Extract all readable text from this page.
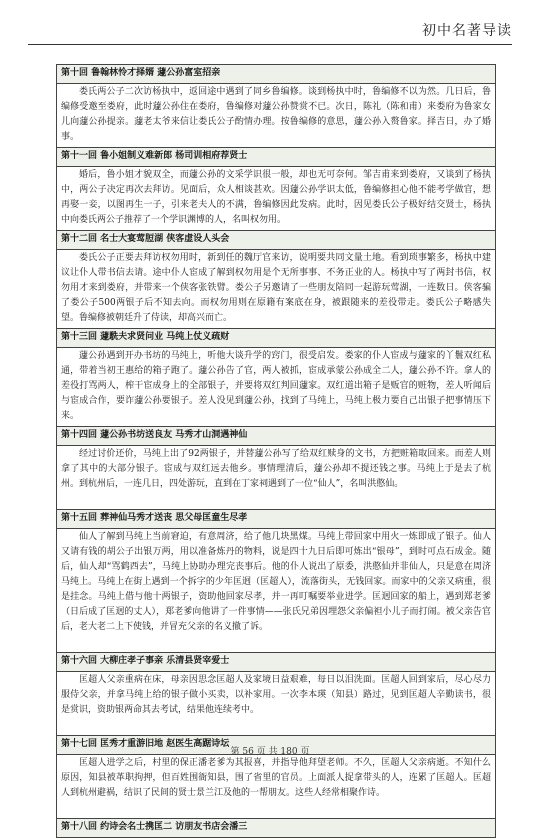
初中名著导读
第十回 鲁翰林怜才择婿 蘧公孙富室招亲
娄氏两公子二次访杨执中，返回途中遇到了同乡鲁编修。谈到杨执中时，鲁编修不以为然。几日后，鲁编修受邀至娄府，此时蘧公孙住在娄府，鲁编修对蘧公孙赞赏不已。次日，陈礼（陈和甫）来娄府为鲁家女儿向蘧公孙提亲。蘧老太爷来信让娄氏公子酌情办理。按鲁编修的意思，蘧公孙入赘鲁家。择吉日，办了婚事。
第十一回 鲁小姐制义难新郎 杨司训相府荐贤士
婚后，鲁小姐才貌双全，而蘧公孙的文采学识很一般，却也无可奈何。邹吉甫来到娄府，又谈到了杨执中，两公子决定再次去拜访。见面后，众人相谈甚欢。因蘧公孙学识太低，鲁编修担心他不能考学做官，想再娶一妾，以图再生一子，引来老夫人的不满，鲁编修因此发病。此时，因见娄氏公子极好结交贤士，杨执中向娄氏两公子推荐了一个学识渊博的人，名叫权勿用。
第十二回 名士大宴莺脰湖 侠客虚设人头会
娄氏公子正要去拜访权勿用时，新到任的魏厅官来访，说明要共同文量土地。看到琐事繁多，杨执中建议让仆人带书信去请。途中仆人宦成了解到权勿用是个无所事事、不务正业的人。杨执中写了两封书信，权勿用才来到娄府，并带来一个侠客张铁臂。娄公子另邀请了一些朋友陪同一起游玩莺湖，一连数日。侠客骗了娄公子500两银子后不知去向。而权勿用则在原籍有案底在身，被跟随来的差役带走。娄氏公子略感失望。鲁编修被朝廷升了侍读，却高兴而亡。
第十三回 蘧駪夫求贤问业 马纯上仗义疏财
蘧公孙遇到开办书坊的马纯上，听他大谈升学的窍门，很受启发。娄家的仆人宦成与蘧家的丫鬟双红私通，带着当初王惠给的箱子跑了。蘧公孙告了官，两人被抓，宦成承蒙公孙成全二人，蘧公孙不许。拿人的差役打骂两人，榨干宦成身上的全部银子，并要将双红判回蘧家。双红道出箱子是贩官的赃物，差人听闻后与宦成合作，要诈蘧公孙要银子。差人没见到蘧公孙，找到了马纯上，马纯上极力要自己出银子把事情压下来。
第十四回 蘧公孙书坊送良友 马秀才山洞遇神仙
经过讨价还价，马纯上出了92两银子，并替蘧公孙写了给双红赎身的文书，方把赃箱取回来。而差人则拿了其中的大部分银子。宦成与双红远去他乡。事情理清后，蘧公孙却不提还钱之事。马纯上于是去了杭州。到杭州后，一连几日，四处游玩，直到在丁家祠遇到了一位“仙人”，名叫洪憨仙。
第十五回 葬神仙马秀才送丧 思父母匡童生尽孝
仙人了解到马纯上当前窘迫，有意周济，给了他几块黑煤。马纯上带回家中用火一炼即成了银子。仙人又请有钱的胡公子出银万两，用以准备炼丹的物料，说是四十九日后即可炼出“银母”，到时可点石成金。随后，仙人却“骂鹤西去”，马纯上协助办理完丧事后。他的仆人说出了原委，洪憨仙并非仙人，只是意在周济马纯上。马纯上在街上遇到一个拆字的少年匡迥（匡超人），流落街头，无钱回家。而家中的父亲又病重，很是挂念。马纯上借与他十两银子，资助他回家尽孝，并一再叮嘱要举业进学。匡迥回家的船上，遇到郑老爹（日后成了匡迥的丈人），郑老爹向他讲了一件事情——张氏兄弟因埋怨父亲偏袒小儿子而打闹。被父亲告官后，老大老二上下使钱，并冒充父亲的名义撤了诉。
第十六回 大柳庄孝子事亲 乐清县贤宰爱士
匡超人父亲重病在床，母亲因思念匡超人及家境日益艰难，每日以泪洗面。匡超人回到家后，尽心尽力服侍父亲，并拿马纯上给的银子做小买卖，以补家用。一次李本瑛（知县）路过，见到匡超人辛勤读书，很是赏识，资助银两命其去考试，结果他连续考中。
第十七回 匡秀才重游旧地 赵医生高踞诗坛
匡超人进学之后，村里的保正潘老爹为其报喜，并指导他拜望老师。不久，匡超人父亲病逝。不知什么原因，知县被革职拘押，但百姓围衙知县，围了省里的官员。上面派人捉拿带头的人，连累了匡超人。匡超人到杭州避祸，结识了民间的贤士景兰江及他的一帮朋友。这些人经常相聚作诗。
第十八回 约诗会名士携匡二 访朋友书店会潘三
第 56 页 共 180 页
